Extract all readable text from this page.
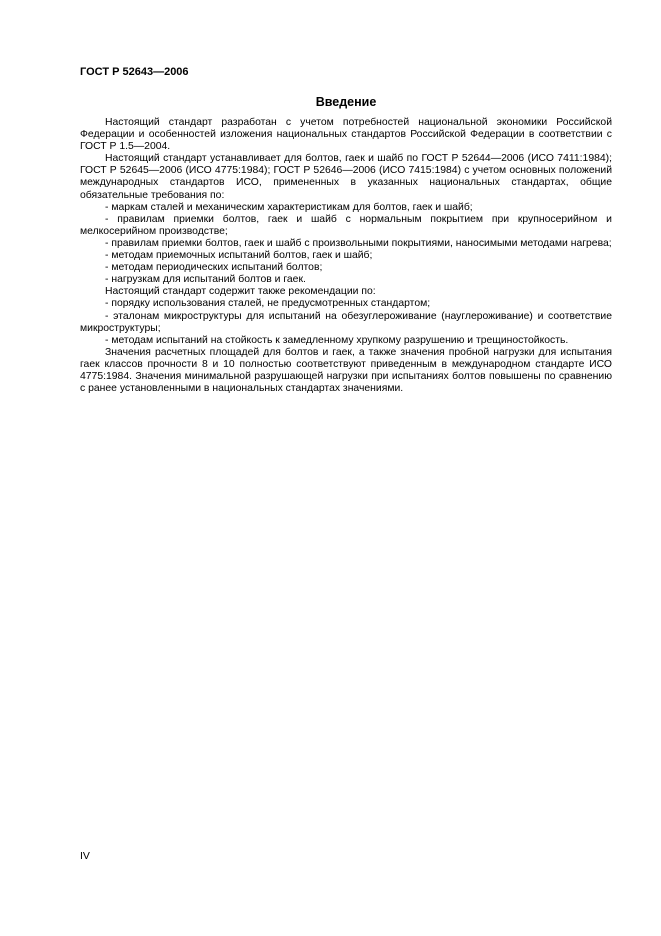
ГОСТ Р 52643—2006
Введение

Настоящий стандарт разработан с учетом потребностей национальной экономики Российской Федерации и особенностей изложения национальных стандартов Российской Федерации в соответствии с ГОСТ Р 1.5—2004.

Настоящий стандарт устанавливает для болтов, гаек и шайб по ГОСТ Р 52644—2006 (ИСО 7411:1984); ГОСТ Р 52645—2006 (ИСО 4775:1984); ГОСТ Р 52646—2006 (ИСО 7415:1984) с учетом основных положений международных стандартов ИСО, примененных в указанных национальных стандартах, общие обязательные требования по:

- маркам сталей и механическим характеристикам для болтов, гаек и шайб;

- правилам приемки болтов, гаек и шайб с нормальным покрытием при крупносерийном и мелкосерийном производстве;

- правилам приемки болтов, гаек и шайб с произвольными покрытиями, наносимыми методами нагрева;

- методам приемочных испытаний болтов, гаек и шайб;

- методам периодических испытаний болтов;

- нагрузкам для испытаний болтов и гаек.

Настоящий стандарт содержит также рекомендации по:

- порядку использования сталей, не предусмотренных стандартом;

- эталонам микроструктуры для испытаний на обезуглероживание (науглероживание) и соответствие микроструктуры;

- методам испытаний на стойкость к замедленному хрупкому разрушению и трещиностойкость.

Значения расчетных площадей для болтов и гаек, а также значения пробной нагрузки для испытания гаек классов прочности 8 и 10 полностью соответствуют приведенным в международном стандарте ИСО 4775:1984. Значения минимальной разрушающей нагрузки при испытаниях болтов повышены по сравнению с ранее установленными в национальных стандартах значениями.

IV
